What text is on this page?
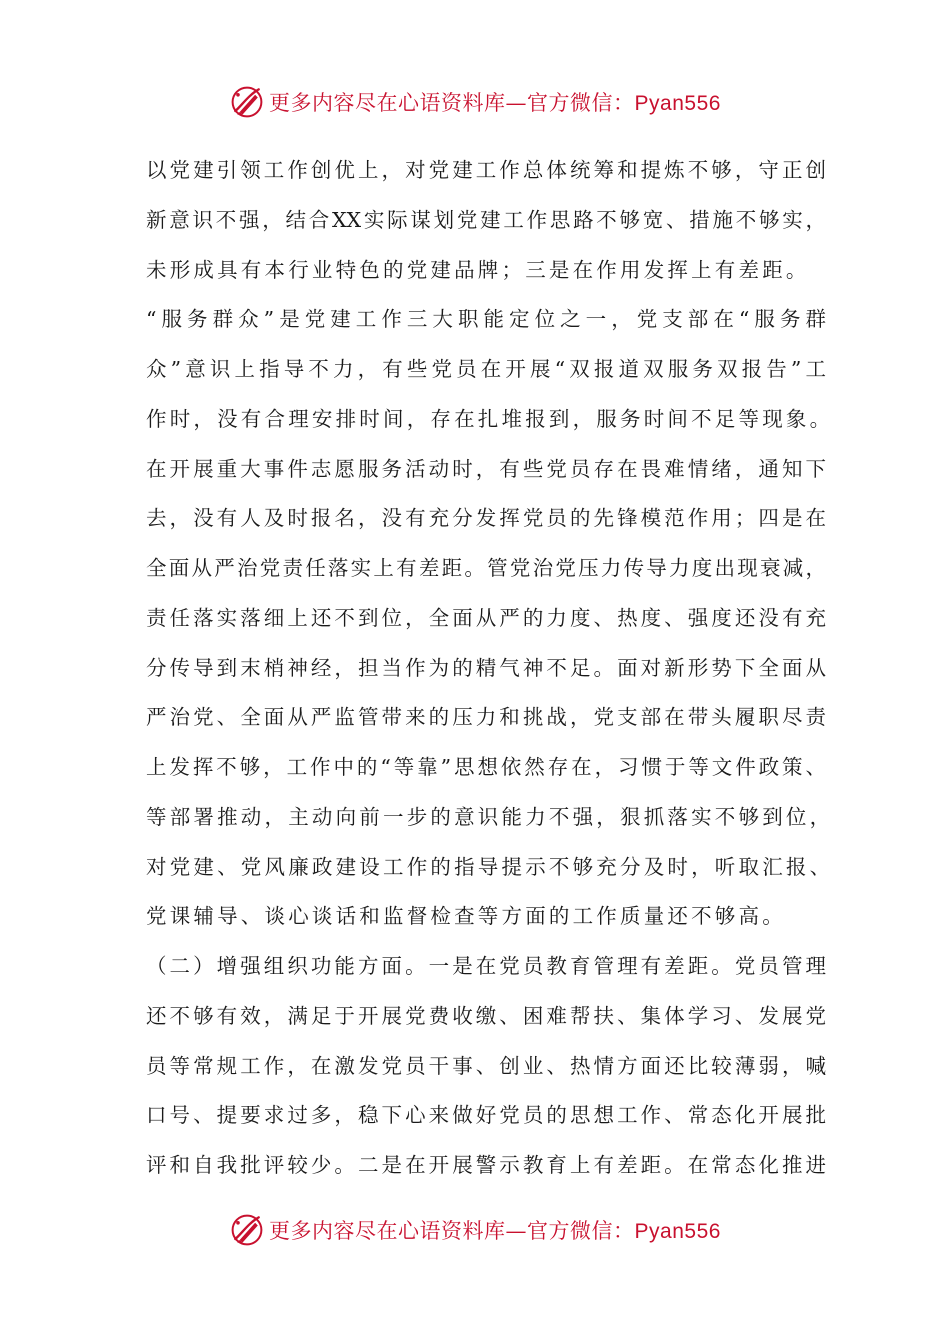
更多内容尽在心语资料库—官方微信：Pyan556
以党建引领工作创优上，对党建工作总体统筹和提炼不够，守正创
新意识不强，结合XX实际谋划党建工作思路不够宽、措施不够实，
未形成具有本行业特色的党建品牌；三是在作用发挥上有差距。
“服务群众”是党建工作三大职能定位之一，党支部在“服务群
众”意识上指导不力，有些党员在开展“双报道双服务双报告”工
作时，没有合理安排时间，存在扎堆报到，服务时间不足等现象。
在开展重大事件志愿服务活动时，有些党员存在畏难情绪，通知下
去，没有人及时报名，没有充分发挥党员的先锋模范作用；四是在
全面从严治党责任落实上有差距。管党治党压力传导力度出现衰减，
责任落实落细上还不到位，全面从严的力度、热度、强度还没有充
分传导到末梢神经，担当作为的精气神不足。面对新形势下全面从
严治党、全面从严监管带来的压力和挑战，党支部在带头履职尽责
上发挥不够，工作中的“等靠”思想依然存在，习惯于等文件政策、
等部署推动，主动向前一步的意识能力不强，狠抓落实不够到位，
对党建、党风廉政建设工作的指导提示不够充分及时，听取汇报、
党课辅导、谈心谈话和监督检查等方面的工作质量还不够高。
（二）增强组织功能方面。一是在党员教育管理有差距。党员管理
还不够有效，满足于开展党费收缴、困难帮扶、集体学习、发展党
员等常规工作，在激发党员干事、创业、热情方面还比较薄弱，喊
口号、提要求过多，稳下心来做好党员的思想工作、常态化开展批
评和自我批评较少。二是在开展警示教育上有差距。在常态化推进
更多内容尽在心语资料库—官方微信：Pyan556
